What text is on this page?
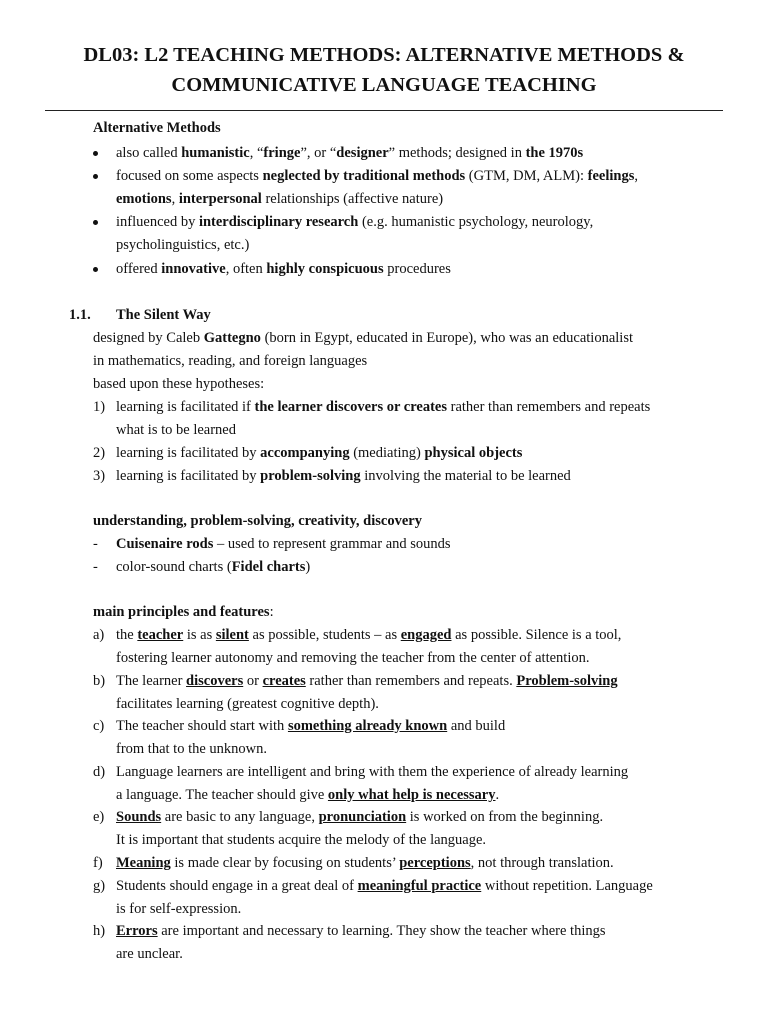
DL03: L2 TEACHING METHODS: ALTERNATIVE METHODS &
COMMUNICATIVE LANGUAGE TEACHING
Alternative Methods
1.1. The Silent Way
understanding, problem-solving, creativity, discovery
main principles and features:
also called humanistic, “fringe”, or “designer” methods; designed in the 1970s
focused on some aspects neglected by traditional methods (GTM, DM, ALM): feelings,
emotions, interpersonal relationships (affective nature)
influenced by interdisciplinary research (e.g. humanistic psychology, neurology,
psycholinguistics, etc.)
offered innovative, often highly conspicuous procedures
designed by Caleb Gattegno (born in Egypt, educated in Europe), who was an educationalist
in mathematics, reading, and foreign languages
based upon these hypotheses:
1) learning is facilitated if the learner discovers or creates rather than remembers and repeats
what is to be learned
2) learning is facilitated by accompanying (mediating) physical objects
3) learning is facilitated by problem-solving involving the material to be learned
- Cuisenaire rods – used to represent grammar and sounds
- color-sound charts (Fidel charts)
a) the teacher is as silent as possible, students – as engaged as possible. Silence is a tool,
fostering learner autonomy and removing the teacher from the center of attention.
b) The learner discovers or creates rather than remembers and repeats. Problem-solving
facilitates learning (greatest cognitive depth).
c) The teacher should start with something already known and build
from that to the unknown.
d) Language learners are intelligent and bring with them the experience of already learning
a language. The teacher should give only what help is necessary.
e) Sounds are basic to any language, pronunciation is worked on from the beginning.
It is important that students acquire the melody of the language.
f) Meaning is made clear by focusing on students’ perceptions, not through translation.
g) Students should engage in a great deal of meaningful practice without repetition. Language
is for self-expression.
h) Errors are important and necessary to learning. They show the teacher where things
are unclear.
